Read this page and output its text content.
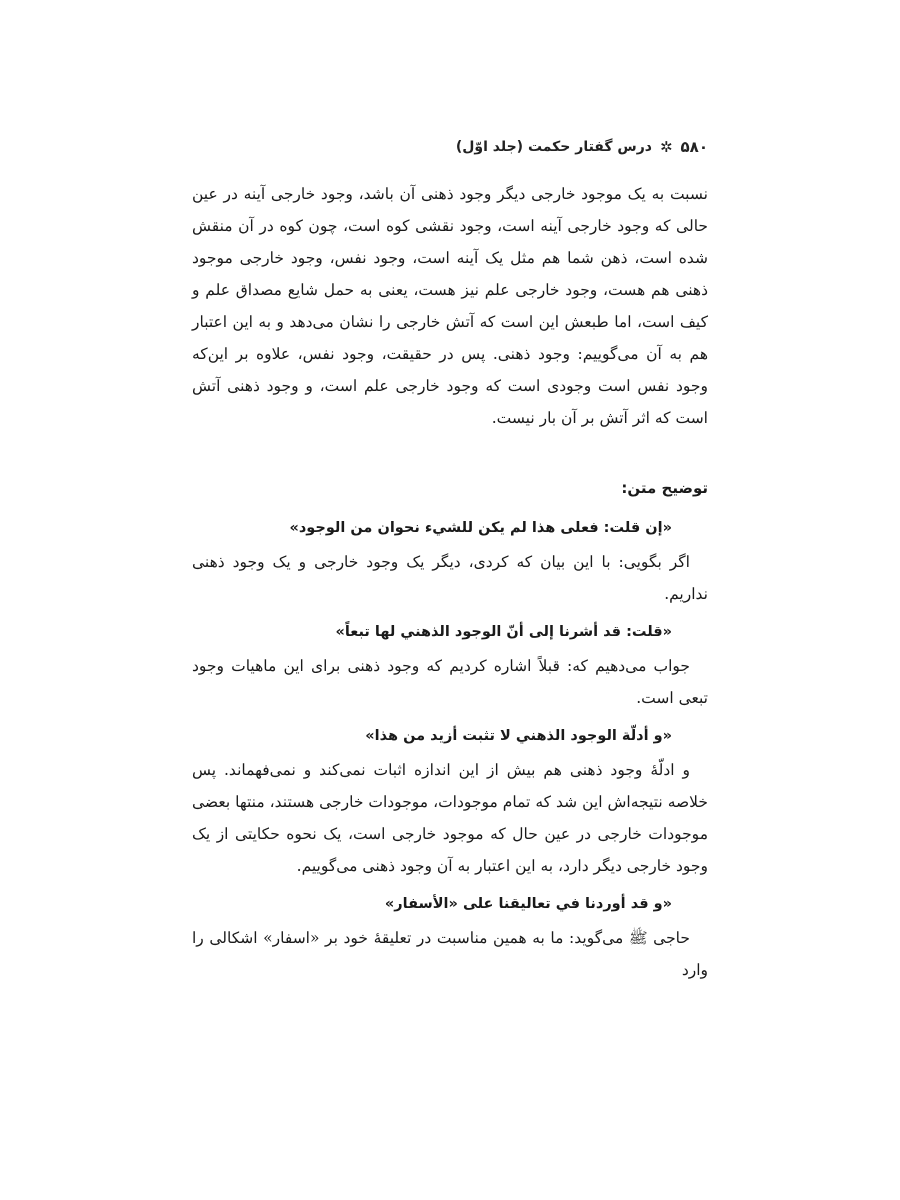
۵۸۰
✲
درس گفتار حکمت (جلد اوّل)

نسبت به یک موجود خارجی دیگر وجود ذهنی آن باشد، وجود خارجی آینه در عین حالی که وجود خارجی آینه است، وجود نقشی کوه است، چون کوه در آن منقش شده است، ذهن شما هم مثل یک آینه است، وجود نفس، وجود خارجی موجود ذهنی هم هست، وجود خارجی علم نیز هست، یعنی به حمل شایع مصداق علم و کیف است، اما طبعش این است که آتش خارجی را نشان می‌دهد و به این اعتبار هم به آن می‌گوییم: وجود ذهنی. پس در حقیقت، وجود نفس، علاوه بر این‌که وجود نفس است وجودی است که وجود خارجی علم است، و وجود ذهنی آتش است که اثر آتش بر آن بار نیست.

توضیح متن:
«إن قلت: فعلى هذا لم يكن للشيء نحوان من الوجود»

اگر بگویی: با این بیان که کردی، دیگر یک وجود خارجی و یک وجود ذهنی نداریم.

«قلت: قد أشرنا إلى أنّ الوجود الذهني لها تبعاً»

جواب می‌دهیم که: قبلاً اشاره کردیم که وجود ذهنی برای این ماهیات وجود تبعی است.

«و أدلّة الوجود الذهني لا تثبت أزيد من هذا»

و ادلّهٔ وجود ذهنی هم بیش از این اندازه اثبات نمی‌کند و نمی‌فهماند. پس خلاصه نتیجه‌اش این شد که تمام موجودات، موجودات خارجی هستند، منتها بعضی موجودات خارجی در عین حال که موجود خارجی است، یک نحوه حکایتی از یک وجود خارجی دیگر دارد، به این اعتبار به آن وجود ذهنی می‌گوییم.

«و قد أوردنا في تعاليقنا على «الأسفار»

حاجی ﷺ می‌گوید: ما به همین مناسبت در تعلیقهٔ خود بر «اسفار» اشکالی را وارد
